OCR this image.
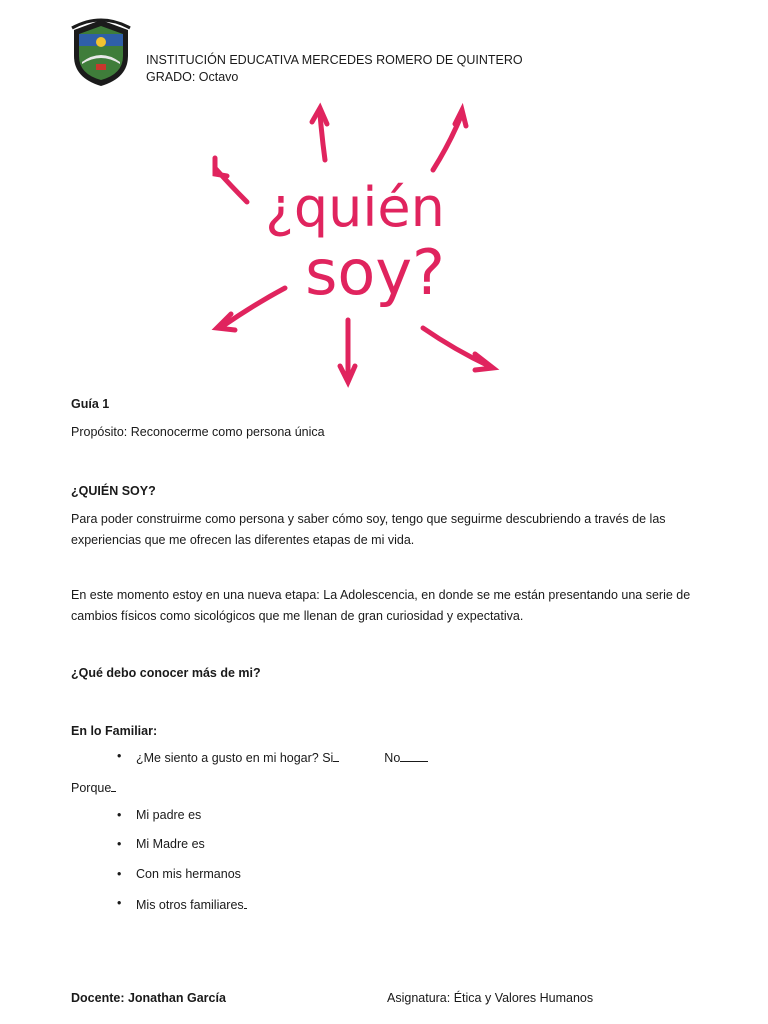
INSTITUCIÓN EDUCATIVA MERCEDES ROMERO DE QUINTERO
GRADO: Octavo
¿quién
soy?
Guía 1
Propósito: Reconocerme como persona única
¿QUIÉN SOY?
Para poder construirme como persona y saber cómo soy, tengo que seguirme descubriendo a través de las experiencias que me ofrecen las diferentes etapas de mi vida.
En este momento estoy en una nueva etapa: La Adolescencia, en donde se me están presentando una serie de cambios físicos como sicológicos que me llenan de gran curiosidad y expectativa.
¿Qué debo conocer más de mi?
En lo Familiar:
• ¿Me siento a gusto en mi hogar? Si	No
Porque
• Mi padre es
• Mi Madre es
• Con mis hermanos
• Mis otros familiares
Docente: Jonathan García	Asignatura: Ética y Valores Humanos
